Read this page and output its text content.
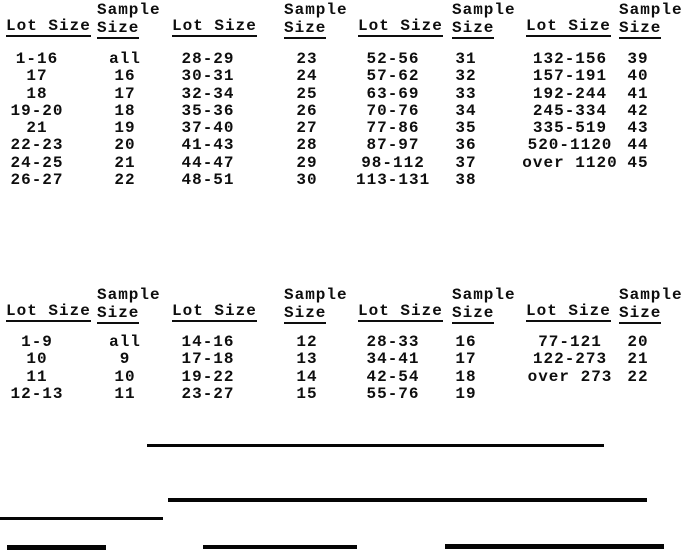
Sample
Size
Lot Size
1-16	all
17	16
18	17
19-20	18
21	19
22-23	20
24-25	21
26-27	22
Sample
Size
Lot Size
28-29	23
30-31	24
32-34	25
35-36	26
37-40	27
41-43	28
44-47	29
48-51	30
Sample
Size
Lot Size
52-56	31
57-62	32
63-69	33
70-76	34
77-86	35
87-97	36
98-112	37
113-131	38
Sample
Size
Lot Size
132-156	39
157-191	40
192-244	41
245-334	42
335-519	43
520-1120 44
over 1120 45
Sample
Size
Lot Size
1-9	all
10	9
11	10
12-13	11
Sample
Size
Lot Size
14-16	12
17-18	13
19-22	14
23-27	15
Sample
Size
Lot Size
28-33	16
34-41	17
42-54	18
55-76	19
Sample
Size
Lot Size
77-121	20
122-273	21
over 273 22
